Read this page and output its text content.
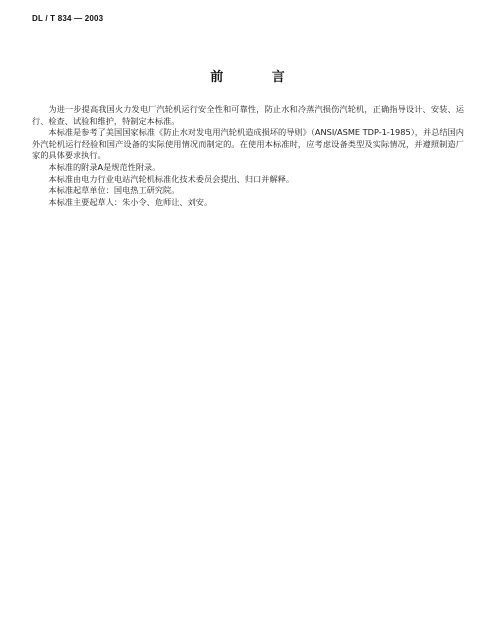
DL / T 834 — 2003
前 言

为进一步提高我国火力发电厂汽轮机运行安全性和可靠性，防止水和冷蒸汽损伤汽轮机，正确指导设计、安装、运行、检查、试验和维护，特制定本标准。

本标准是参考了美国国家标准《防止水对发电用汽轮机造成损坏的导则》（ANSI/ASME TDP-1-1985），并总结国内外汽轮机运行经验和国产设备的实际使用情况而制定的。在使用本标准时，应考虑设备类型及实际情况，并遵照制造厂家的具体要求执行。

本标准的附录A是规范性附录。

本标准由电力行业电站汽轮机标准化技术委员会提出、归口并解释。

本标准起草单位：国电热工研究院。

本标准主要起草人：朱小令、危师让、刘安。
